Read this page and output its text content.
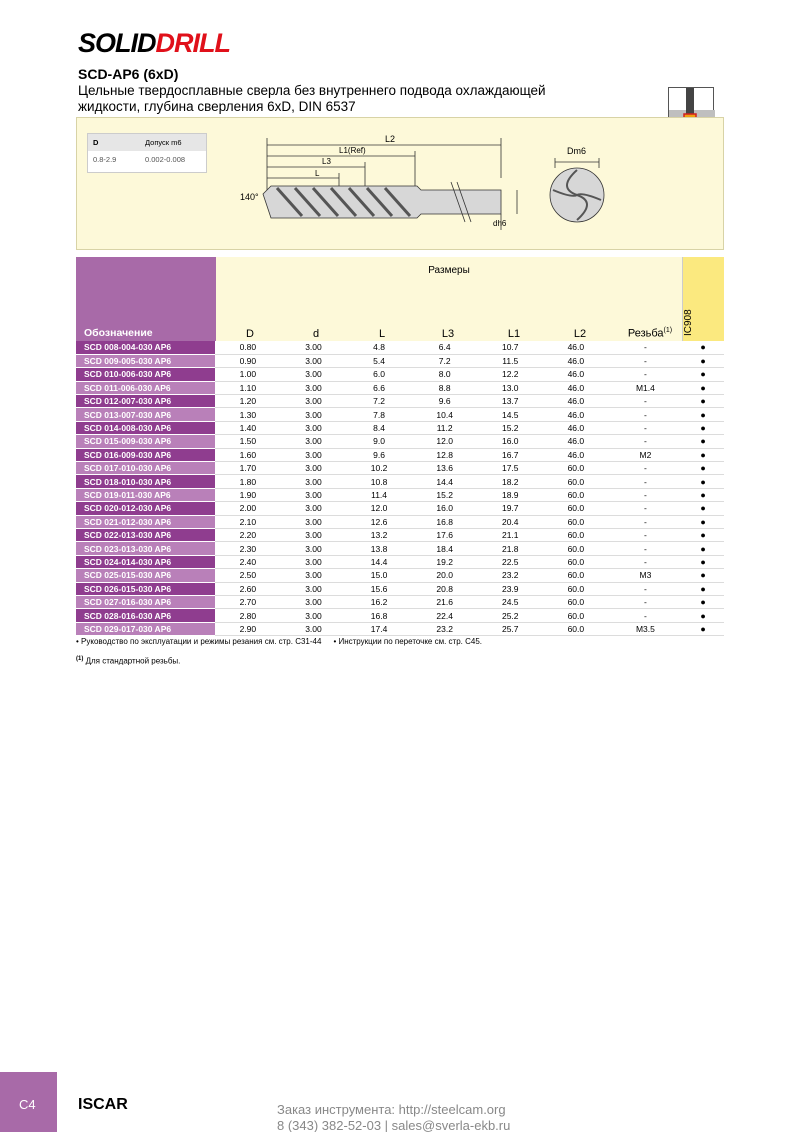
SOLIDDRILL
SCD-AP6 (6xD)
Цельные твердосплавные сверла без внутреннего подвода охлаждающей жидкости, глубина сверления 6xD, DIN 6537
D	Допуск m6
0.8-2.9	0.002-0.008
L2
L1(Ref)
L3
L
140°
dh6
Dm6
Обозначение
Размеры
D	d	L	L3	L1	L2	Резьба$^{(1)}$	IC908
SCD 008-004-030 AP6	0.80	3.00	4.8	6.4	10.7	46.0	-	●
SCD 009-005-030 AP6	0.90	3.00	5.4	7.2	11.5	46.0	-	●
SCD 010-006-030 AP6	1.00	3.00	6.0	8.0	12.2	46.0	-	●
SCD 011-006-030 AP6	1.10	3.00	6.6	8.8	13.0	46.0	M1.4	●
SCD 012-007-030 AP6	1.20	3.00	7.2	9.6	13.7	46.0	-	●
SCD 013-007-030 AP6	1.30	3.00	7.8	10.4	14.5	46.0	-	●
SCD 014-008-030 AP6	1.40	3.00	8.4	11.2	15.2	46.0	-	●
SCD 015-009-030 AP6	1.50	3.00	9.0	12.0	16.0	46.0	-	●
SCD 016-009-030 AP6	1.60	3.00	9.6	12.8	16.7	46.0	M2	●
SCD 017-010-030 AP6	1.70	3.00	10.2	13.6	17.5	60.0	-	●
SCD 018-010-030 AP6	1.80	3.00	10.8	14.4	18.2	60.0	-	●
SCD 019-011-030 AP6	1.90	3.00	11.4	15.2	18.9	60.0	-	●
SCD 020-012-030 AP6	2.00	3.00	12.0	16.0	19.7	60.0	-	●
SCD 021-012-030 AP6	2.10	3.00	12.6	16.8	20.4	60.0	-	●
SCD 022-013-030 AP6	2.20	3.00	13.2	17.6	21.1	60.0	-	●
SCD 023-013-030 AP6	2.30	3.00	13.8	18.4	21.8	60.0	-	●
SCD 024-014-030 AP6	2.40	3.00	14.4	19.2	22.5	60.0	-	●
SCD 025-015-030 AP6	2.50	3.00	15.0	20.0	23.2	60.0	M3	●
SCD 026-015-030 AP6	2.60	3.00	15.6	20.8	23.9	60.0	-	●
SCD 027-016-030 AP6	2.70	3.00	16.2	21.6	24.5	60.0	-	●
SCD 028-016-030 AP6	2.80	3.00	16.8	22.4	25.2	60.0	-	●
SCD 029-017-030 AP6	2.90	3.00	17.4	23.2	25.7	60.0	M3.5	●
• Руководство по эксплуатации и режимы резания см. стр. C31-44 • Инструкции по переточке см. стр. C45.
$^{(1)}$ Для стандартной резьбы.
C4	ISCAR	Заказ инструмента: http://steelcam.org
8 (343) 382-52-03 | sales@sverla-ekb.ru
